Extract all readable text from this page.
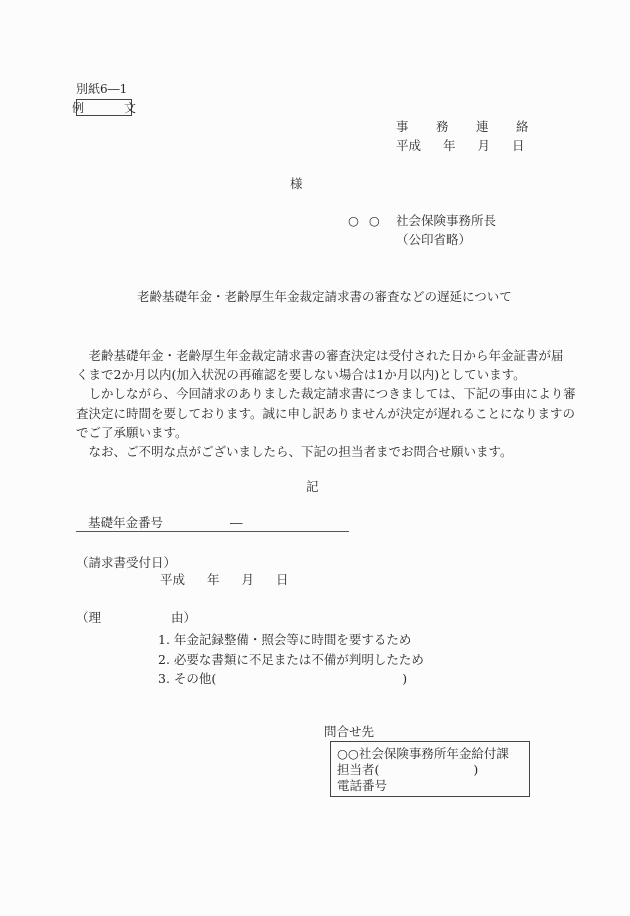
別紙6―1
例　文
事 務 連 絡
平成 年 月 日
様
○ ○	社会保険事務所長
（公印省略）
老齢基礎年金・老齢厚生年金裁定請求書の審査などの遅延について

　老齢基礎年金・老齢厚生年金裁定請求書の審査決定は受付された日から年金証書が届くまで2か月以内(加入状況の再確認を要しない場合は1か月以内)としています。

　しかしながら、今回請求のありました裁定請求書につきましては、下記の事由により審査決定に時間を要しております。誠に申し訳ありませんが決定が遅れることになりますのでご了承願います。

　なお、ご不明な点がございましたら、下記の担当者までお問合せ願います。

記
基礎年金番号	―
（請求書受付日）
平成 年 月 日
（理	由）
1. 年金記録整備・照会等に時間を要するため
2. 必要な書類に不足または不備が判明したため
3. その他(	)
問合せ先
○○社会保険事務所年金給付課
担当者(	)
電話番号
